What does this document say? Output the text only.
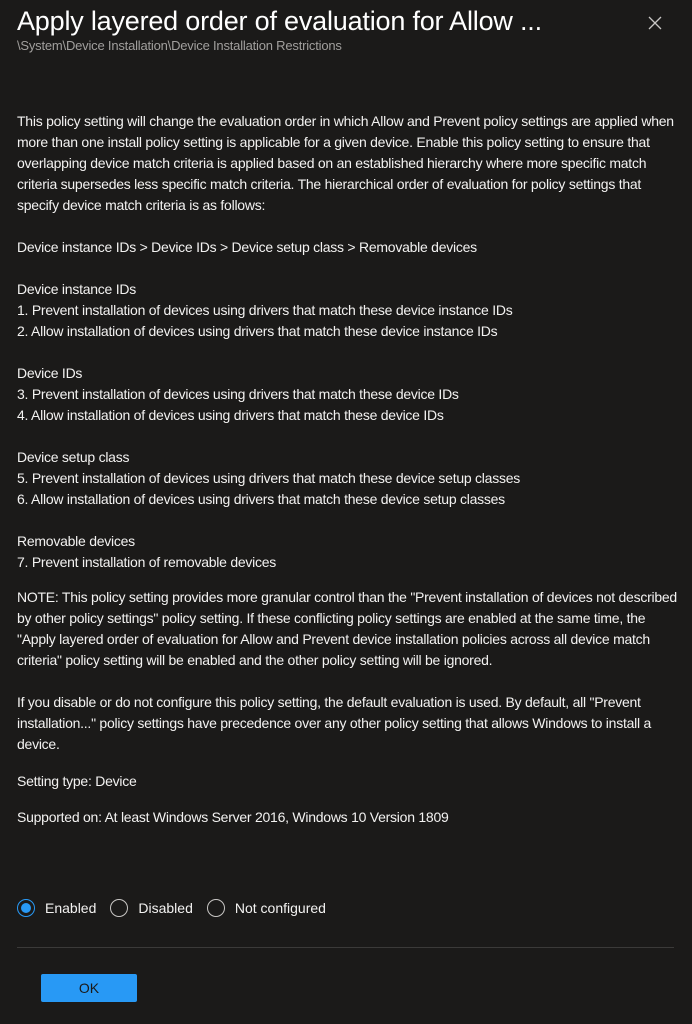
Apply layered order of evaluation for Allow ...
\System\Device Installation\Device Installation Restrictions

This policy setting will change the evaluation order in which Allow and Prevent policy settings are applied when more than one install policy setting is applicable for a given device. Enable this policy setting to ensure that overlapping device match criteria is applied based on an established hierarchy where more specific match criteria supersedes less specific match criteria. The hierarchical order of evaluation for policy settings that specify device match criteria is as follows:

Device instance IDs > Device IDs > Device setup class > Removable devices

Device instance IDs

1. Prevent installation of devices using drivers that match these device instance IDs

2. Allow installation of devices using drivers that match these device instance IDs

Device IDs

3. Prevent installation of devices using drivers that match these device IDs

4. Allow installation of devices using drivers that match these device IDs

Device setup class

5. Prevent installation of devices using drivers that match these device setup classes

6. Allow installation of devices using drivers that match these device setup classes

Removable devices

7. Prevent installation of removable devices

NOTE: This policy setting provides more granular control than the "Prevent installation of devices not described by other policy settings" policy setting. If these conflicting policy settings are enabled at the same time, the "Apply layered order of evaluation for Allow and Prevent device installation policies across all device match criteria" policy setting will be enabled and the other policy setting will be ignored.

If you disable or do not configure this policy setting, the default evaluation is used. By default, all "Prevent installation..." policy settings have precedence over any other policy setting that allows Windows to install a device.

Setting type: Device

Supported on: At least Windows Server 2016, Windows 10 Version 1809

Enabled	Disabled	Not configured
OK
